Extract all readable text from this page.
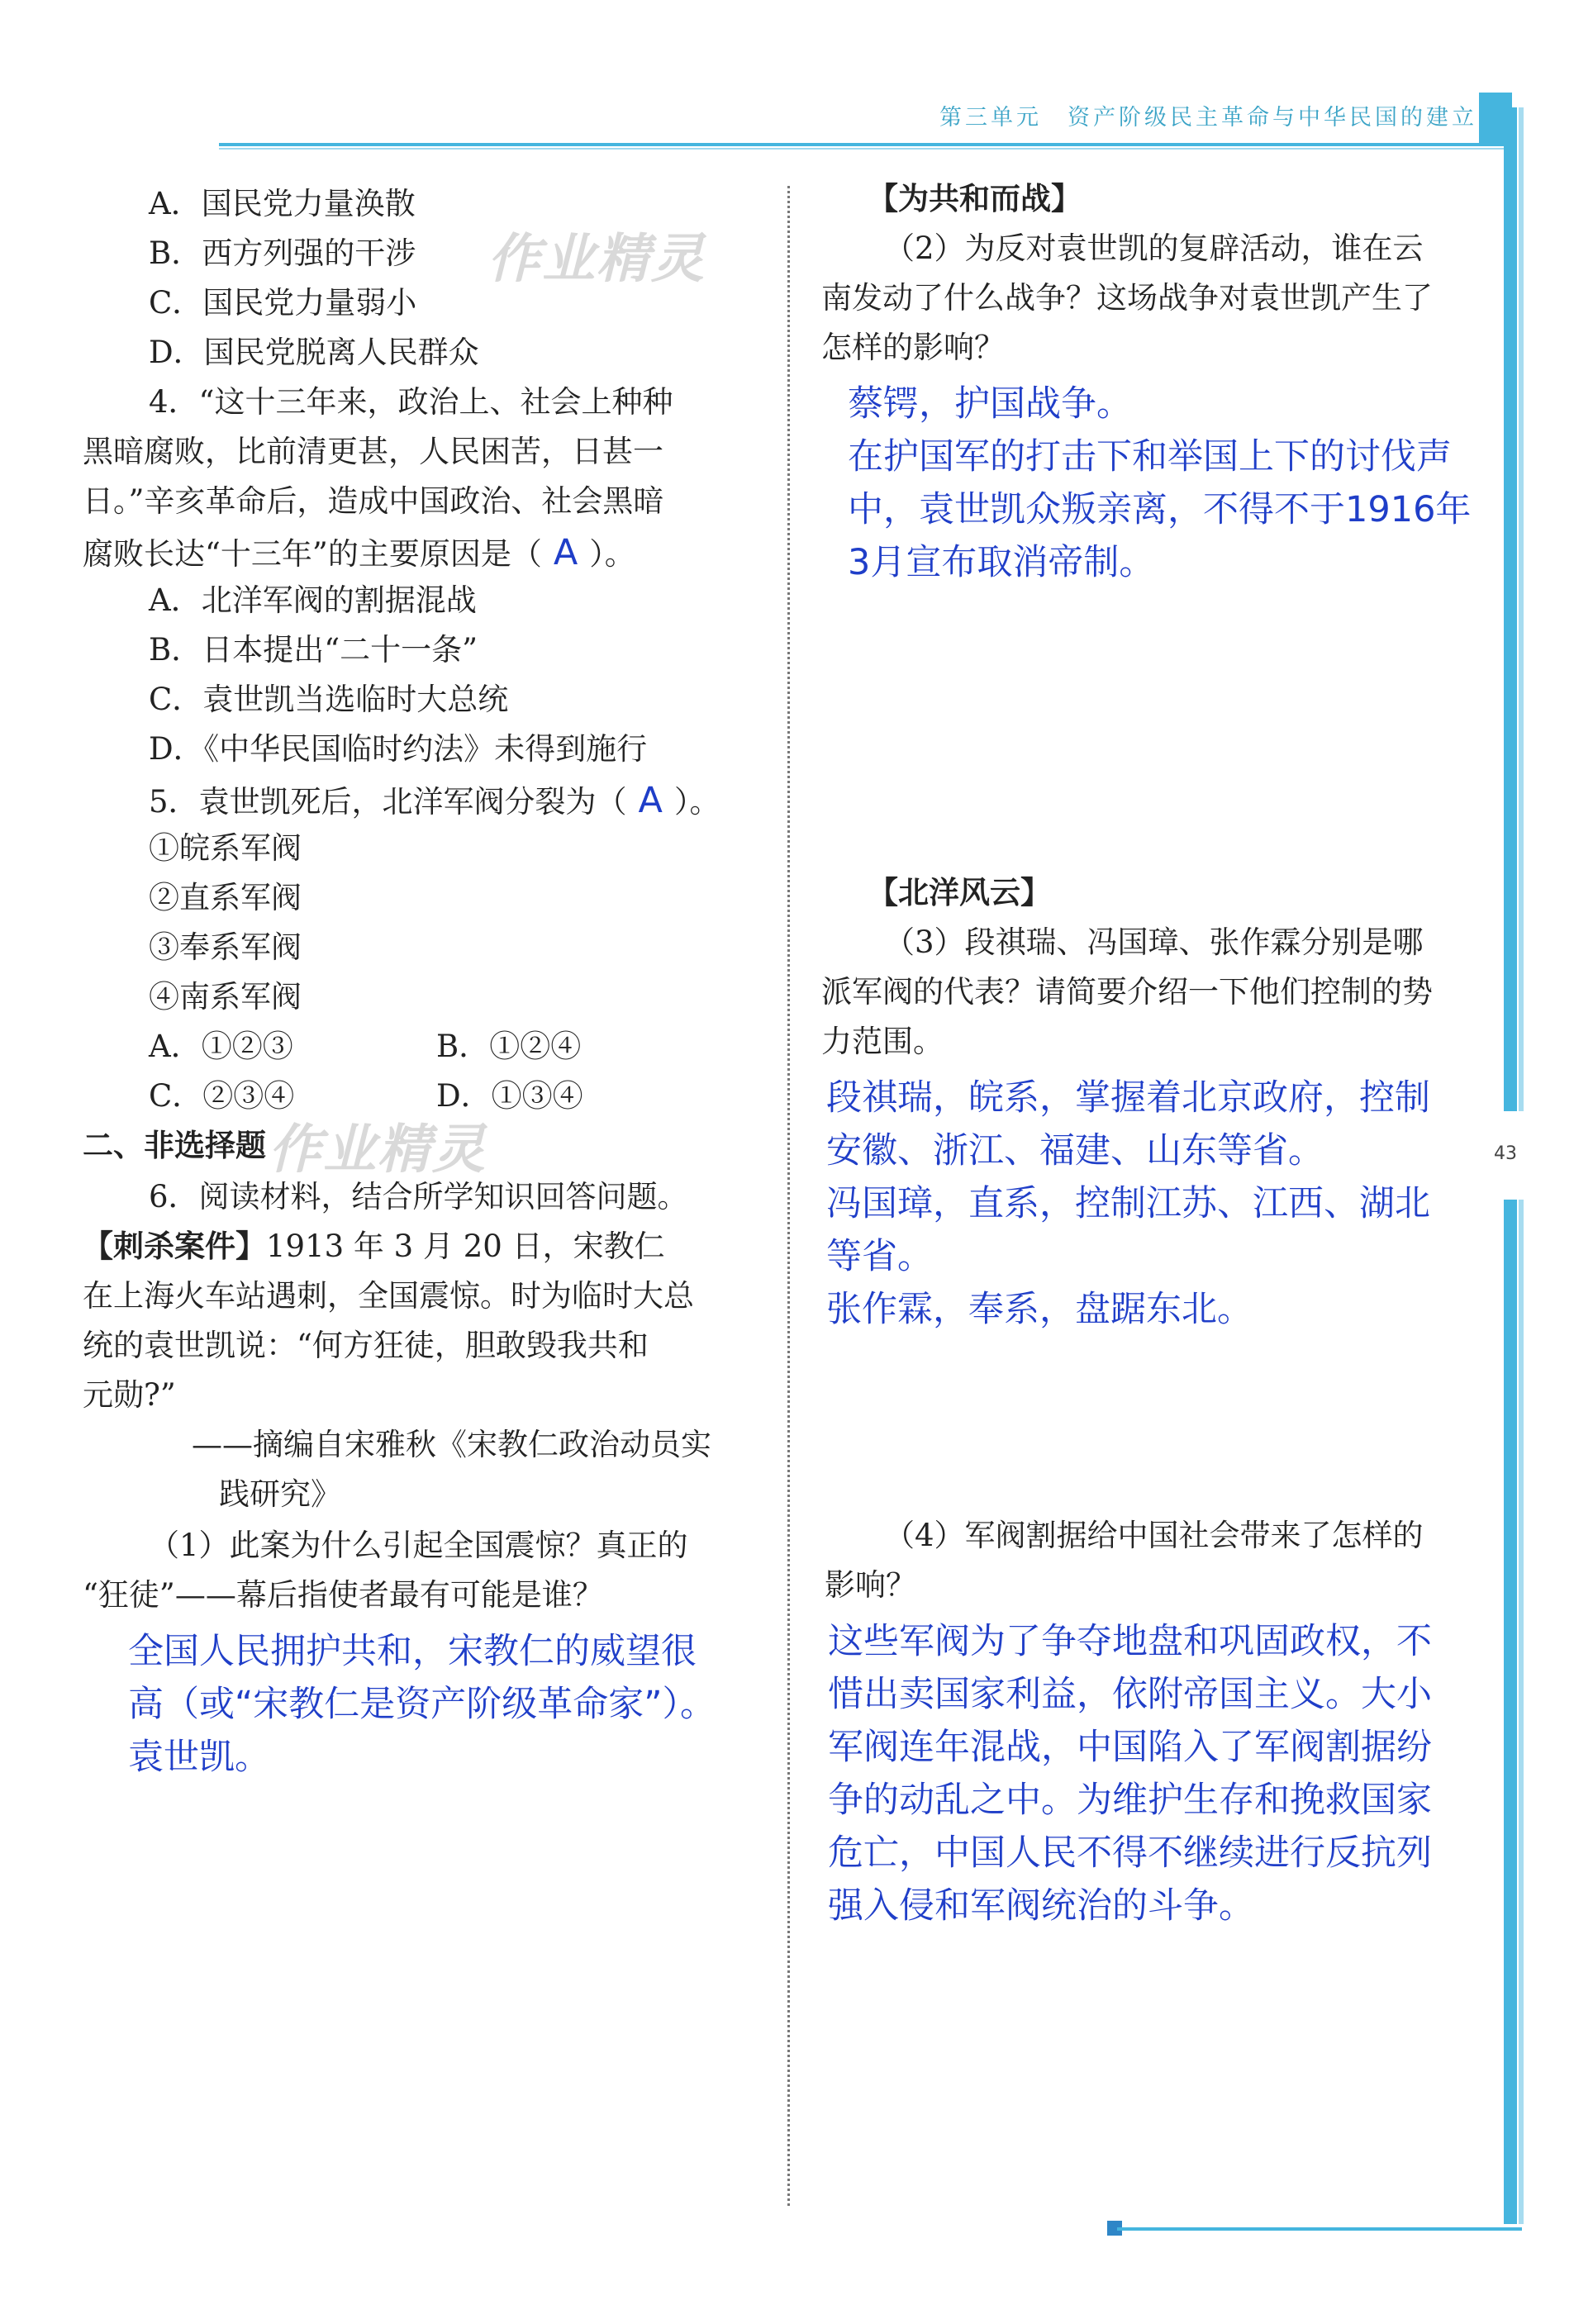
第三单元　资产阶级民主革命与中华民国的建立
43
作业精灵
作业精灵
A．国民党力量涣散
B．西方列强的干涉
C．国民党力量弱小
D．国民党脱离人民群众
4．“这十三年来，政治上、社会上种种
黑暗腐败，比前清更甚，人民困苦，日甚一
日。”辛亥革命后，造成中国政治、社会黑暗
腐败长达“十三年”的主要原因是（ A ）。
A．北洋军阀的割据混战
B．日本提出“二十一条”
C．袁世凯当选临时大总统
D．《中华民国临时约法》未得到施行
5．袁世凯死后，北洋军阀分裂为（ A ）。
①皖系军阀
②直系军阀
③奉系军阀
④南系军阀
A．①②③	B．①②④
C．②③④	D．①③④
二、非选择题
6．阅读材料，结合所学知识回答问题。
【刺杀案件】1913 年 3 月 20 日，宋教仁
在上海火车站遇刺，全国震惊。时为临时大总
统的袁世凯说：“何方狂徒，胆敢毁我共和
元勋?”
——摘编自宋雅秋《宋教仁政治动员实
践研究》
（1）此案为什么引起全国震惊？真正的
“狂徒”——幕后指使者最有可能是谁？
全国人民拥护共和，宋教仁的威望很
高（或“宋教仁是资产阶级革命家”）。
袁世凯。
【为共和而战】
（2）为反对袁世凯的复辟活动，谁在云
南发动了什么战争？这场战争对袁世凯产生了
怎样的影响？
蔡锷，护国战争。
在护国军的打击下和举国上下的讨伐声
中，袁世凯众叛亲离，不得不于1916年
3月宣布取消帝制。
【北洋风云】
（3）段祺瑞、冯国璋、张作霖分别是哪
派军阀的代表？请简要介绍一下他们控制的势
力范围。
段祺瑞，皖系，掌握着北京政府，控制
安徽、浙江、福建、山东等省。
冯国璋，直系，控制江苏、江西、湖北
等省。
张作霖，奉系，盘踞东北。
（4）军阀割据给中国社会带来了怎样的
影响？
这些军阀为了争夺地盘和巩固政权，不
惜出卖国家利益，依附帝国主义。大小
军阀连年混战，中国陷入了军阀割据纷
争的动乱之中。为维护生存和挽救国家
危亡，中国人民不得不继续进行反抗列
强入侵和军阀统治的斗争。
